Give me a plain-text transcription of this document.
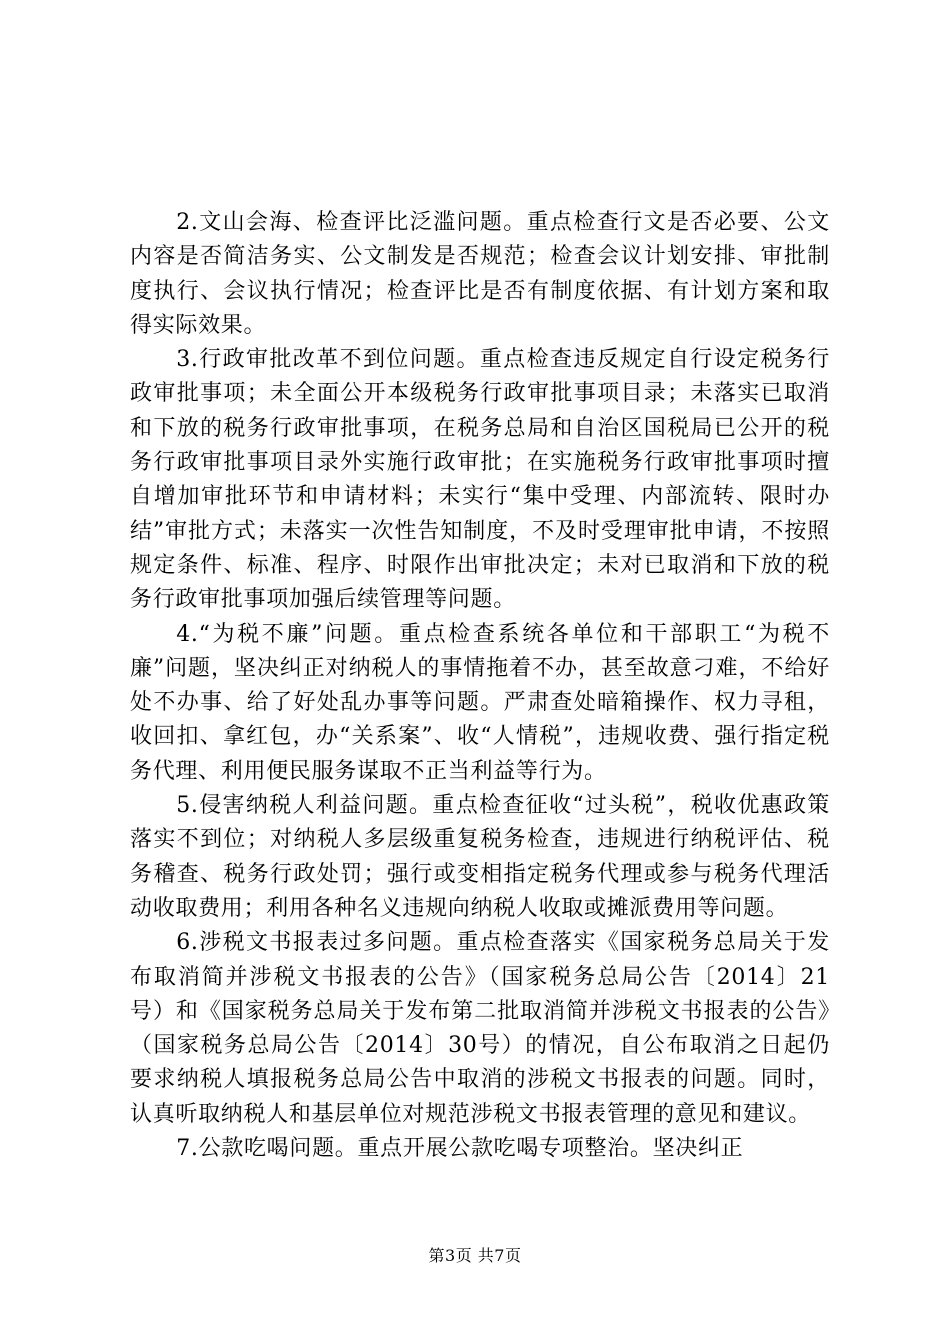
2.文山会海、检查评比泛滥问题。重点检查行文是否必要、公文内容是否简洁务实、公文制发是否规范；检查会议计划安排、审批制度执行、会议执行情况；检查评比是否有制度依据、有计划方案和取得实际效果。

3.行政审批改革不到位问题。重点检查违反规定自行设定税务行政审批事项；未全面公开本级税务行政审批事项目录；未落实已取消和下放的税务行政审批事项，在税务总局和自治区国税局已公开的税务行政审批事项目录外实施行政审批；在实施税务行政审批事项时擅自增加审批环节和申请材料；未实行“集中受理、内部流转、限时办结”审批方式；未落实一次性告知制度，不及时受理审批申请，不按照规定条件、标准、程序、时限作出审批决定；未对已取消和下放的税务行政审批事项加强后续管理等问题。

4.“为税不廉”问题。重点检查系统各单位和干部职工“为税不廉”问题，坚决纠正对纳税人的事情拖着不办，甚至故意刁难，不给好处不办事、给了好处乱办事等问题。严肃查处暗箱操作、权力寻租，收回扣、拿红包，办“关系案”、收“人情税”，违规收费、强行指定税务代理、利用便民服务谋取不正当利益等行为。

5.侵害纳税人利益问题。重点检查征收“过头税”，税收优惠政策落实不到位；对纳税人多层级重复税务检查，违规进行纳税评估、税务稽查、税务行政处罚；强行或变相指定税务代理或参与税务代理活动收取费用；利用各种名义违规向纳税人收取或摊派费用等问题。

6.涉税文书报表过多问题。重点检查落实《国家税务总局关于发布取消简并涉税文书报表的公告》（国家税务总局公告〔2014〕21号）和《国家税务总局关于发布第二批取消简并涉税文书报表的公告》（国家税务总局公告〔2014〕30号）的情况，自公布取消之日起仍要求纳税人填报税务总局公告中取消的涉税文书报表的问题。同时，认真听取纳税人和基层单位对规范涉税文书报表管理的意见和建议。

7.公款吃喝问题。重点开展公款吃喝专项整治。坚决纠正

第3页 共7页
